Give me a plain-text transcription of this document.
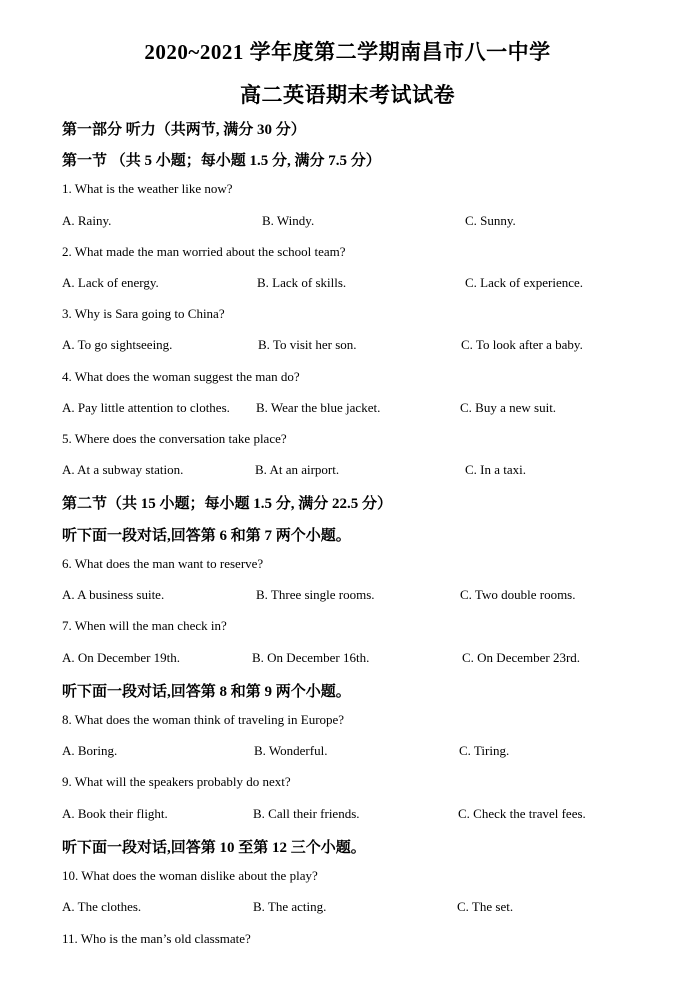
2020~2021 学年度第二学期南昌市八一中学
高二英语期末考试试卷
第一部分 听力（共两节, 满分 30 分）
第一节 （共 5 小题；每小题 1.5 分, 满分 7.5 分）
1. What is the weather like now?
A. Rainy.	B. Windy.	C. Sunny.
2. What made the man worried about the school team?
A. Lack of energy.	B. Lack of skills.	C. Lack of experience.
3. Why is Sara going to China?
A. To go sightseeing.	B. To visit her son.	C. To look after a baby.
4. What does the woman suggest the man do?
A. Pay little attention to clothes. B. Wear the blue jacket.	C. Buy a new suit.
5. Where does the conversation take place?
A. At a subway station.	B. At an airport.	C. In a taxi.
第二节（共 15 小题；每小题 1.5 分, 满分 22.5 分）
听下面一段对话,回答第 6 和第 7 两个小题。
6. What does the man want to reserve?
A. A business suite.	B. Three single rooms.	C. Two double rooms.
7. When will the man check in?
A. On December 19th.	B. On December 16th.	C. On December 23rd.
听下面一段对话,回答第 8 和第 9 两个小题。
8. What does the woman think of traveling in Europe?
A. Boring.	B. Wonderful.	C. Tiring.
9. What will the speakers probably do next?
A. Book their flight.	B. Call their friends.	C. Check the travel fees.
听下面一段对话,回答第 10 至第 12 三个小题。
10. What does the woman dislike about the play?
A. The clothes.	B. The acting.	C. The set.
11. Who is the man’s old classmate?
